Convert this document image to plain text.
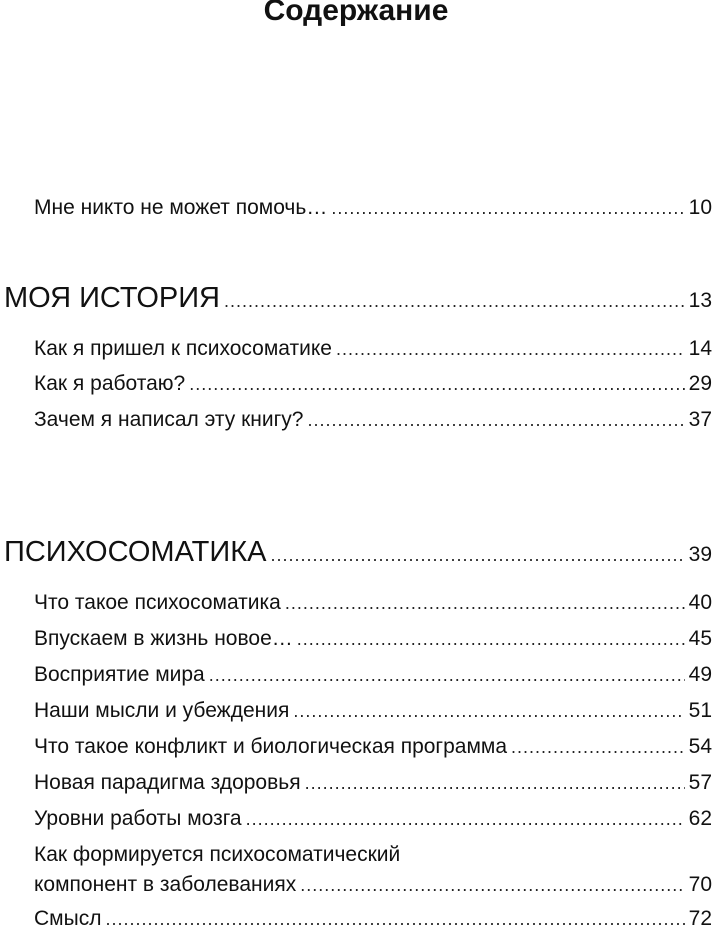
Содержание
Мне никто не может помочь… .....	10
МОЯ ИСТОРИЯ .....	13
Как я пришел к психосоматике .....	14
Как я работаю? .....	29
Зачем я написал эту книгу? .....	37
ПСИХОСОМАТИКА .....	39
Что такое психосоматика .....	40
Впускаем в жизнь новое… .....	45
Восприятие мира .....	49
Наши мысли и убеждения .....	51
Что такое конфликт и биологическая программа .....	54
Новая парадигма здоровья .....	57
Уровни работы мозга .....	62
Как формируется психосоматический
компонент в заболеваниях .....	70
Смысл .....	72
